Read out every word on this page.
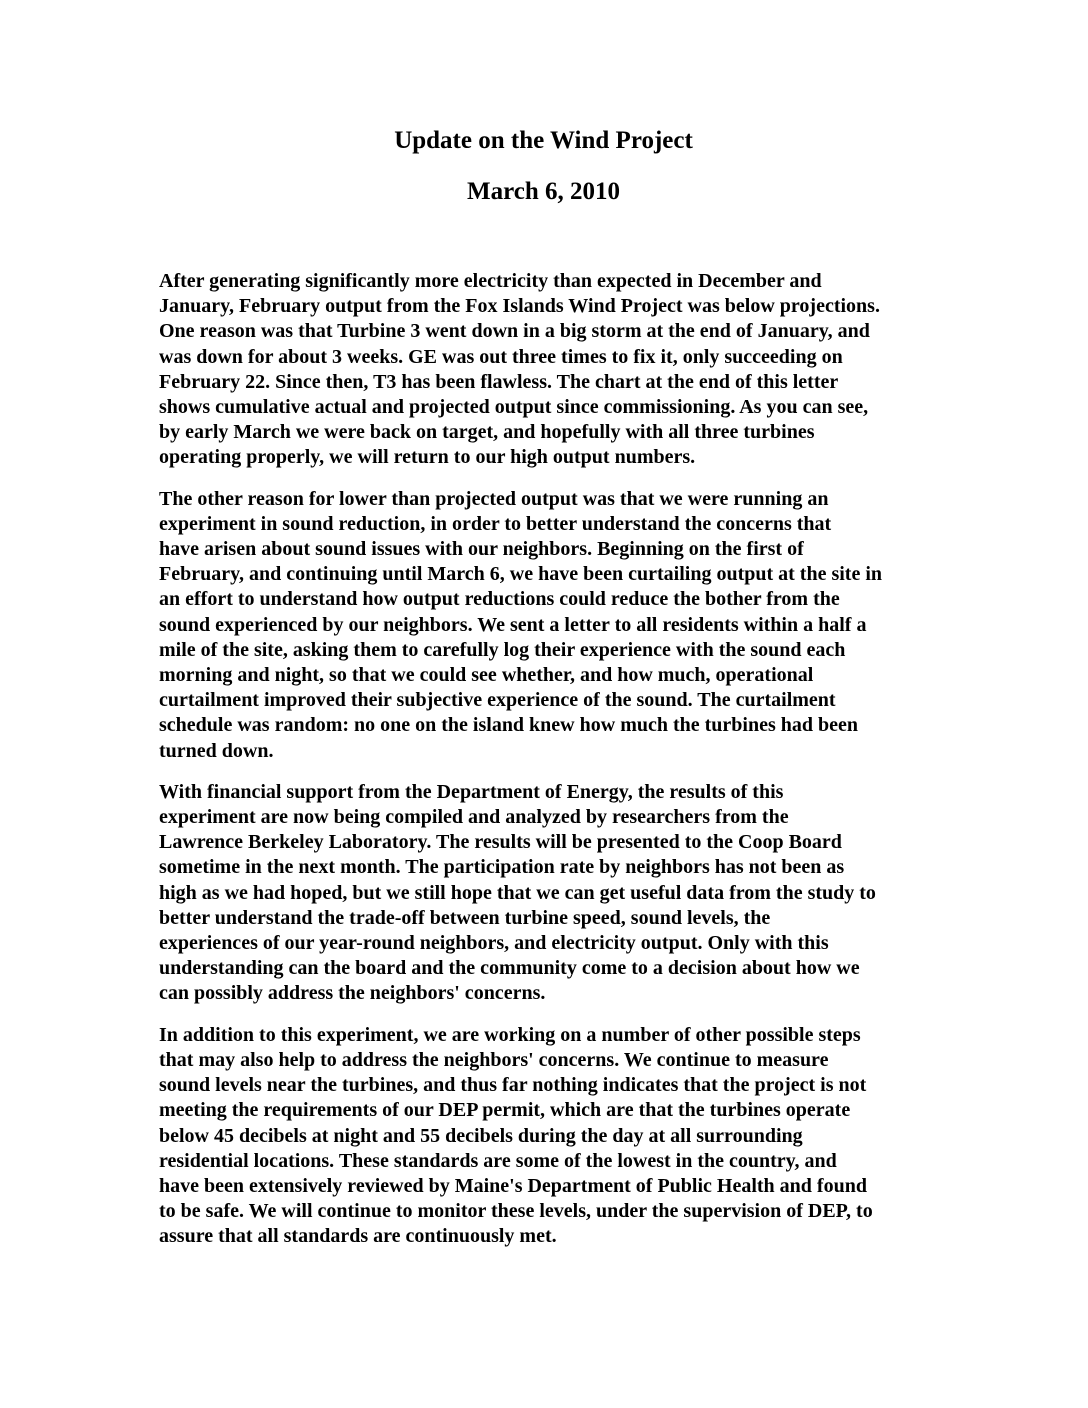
Update on the Wind Project
March 6, 2010

After generating significantly more electricity than expected in December and
January, February output from the Fox Islands Wind Project was below projections.
One reason was that Turbine 3 went down in a big storm at the end of January, and
was down for about 3 weeks. GE was out three times to fix it, only succeeding on
February 22. Since then, T3 has been flawless. The chart at the end of this letter
shows cumulative actual and projected output since commissioning. As you can see,
by early March we were back on target, and hopefully with all three turbines
operating properly, we will return to our high output numbers.

The other reason for lower than projected output was that we were running an
experiment in sound reduction, in order to better understand the concerns that
have arisen about sound issues with our neighbors. Beginning on the first of
February, and continuing until March 6, we have been curtailing output at the site in
an effort to understand how output reductions could reduce the bother from the
sound experienced by our neighbors. We sent a letter to all residents within a half a
mile of the site, asking them to carefully log their experience with the sound each
morning and night, so that we could see whether, and how much, operational
curtailment improved their subjective experience of the sound. The curtailment
schedule was random: no one on the island knew how much the turbines had been
turned down.

With financial support from the Department of Energy, the results of this
experiment are now being compiled and analyzed by researchers from the
Lawrence Berkeley Laboratory. The results will be presented to the Coop Board
sometime in the next month. The participation rate by neighbors has not been as
high as we had hoped, but we still hope that we can get useful data from the study to
better understand the trade-off between turbine speed, sound levels, the
experiences of our year-round neighbors, and electricity output. Only with this
understanding can the board and the community come to a decision about how we
can possibly address the neighbors' concerns.

In addition to this experiment, we are working on a number of other possible steps
that may also help to address the neighbors' concerns. We continue to measure
sound levels near the turbines, and thus far nothing indicates that the project is not
meeting the requirements of our DEP permit, which are that the turbines operate
below 45 decibels at night and 55 decibels during the day at all surrounding
residential locations. These standards are some of the lowest in the country, and
have been extensively reviewed by Maine's Department of Public Health and found
to be safe. We will continue to monitor these levels, under the supervision of DEP, to
assure that all standards are continuously met.
